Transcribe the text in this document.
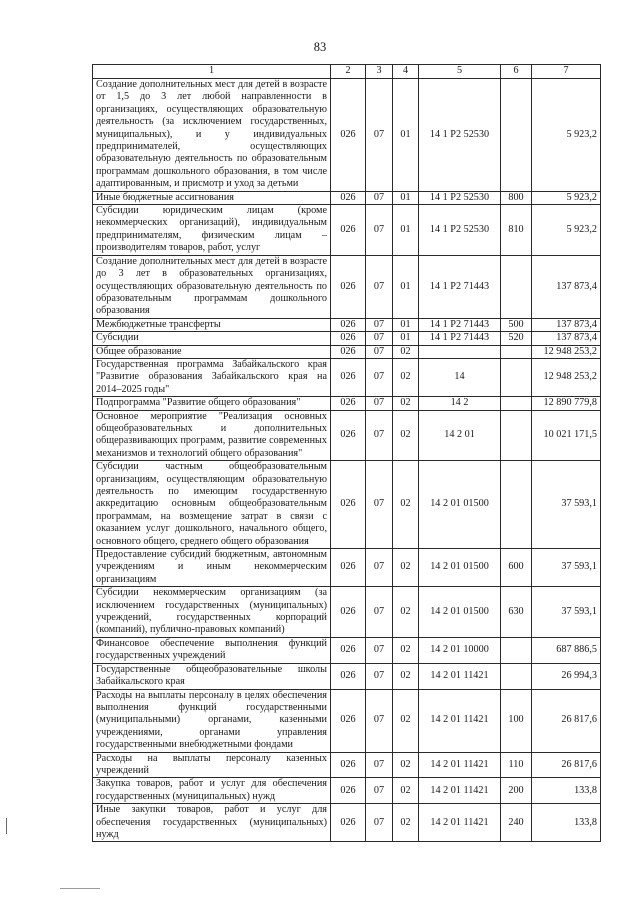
83
1	2	3	4	5	6	7
Создание дополнительных мест для детей в возрасте от 1,5 до 3 лет любой направленности в организациях, осуществляющих образовательную деятельность (за исключением государственных, муниципальных), и у индивидуальных предпринимателей, осуществляющих образовательную деятельность по образовательным программам дошкольного образования, в том числе адаптированным, и присмотр и уход за детьми	026	07	01	14 1 Р2 52530		5 923,2
Иные бюджетные ассигнования	026	07	01	14 1 Р2 52530	800	5 923,2
Субсидии юридическим лицам (кроме некоммерческих организаций), индивидуальным предпринимателям, физическим лицам – производителям товаров, работ, услуг	026	07	01	14 1 Р2 52530	810	5 923,2
Создание дополнительных мест для детей в возрасте до 3 лет в образовательных организациях, осуществляющих образовательную деятельность по образовательным программам дошкольного образования	026	07	01	14 1 Р2 71443		137 873,4
Межбюджетные трансферты	026	07	01	14 1 Р2 71443	500	137 873,4
Субсидии	026	07	01	14 1 Р2 71443	520	137 873,4
Общее образование	026	07	02			12 948 253,2
Государственная программа Забайкальского края "Развитие образования Забайкальского края на 2014–2025 годы"	026	07	02	14		12 948 253,2
Подпрограмма "Развитие общего образования"	026	07	02	14 2		12 890 779,8
Основное мероприятие "Реализация основных общеобразовательных и дополнительных общеразвивающих программ, развитие современных механизмов и технологий общего образования"	026	07	02	14 2 01		10 021 171,5
Субсидии частным общеобразовательным организациям, осуществляющим образовательную деятельность по имеющим государственную аккредитацию основным общеобразовательным программам, на возмещение затрат в связи с оказанием услуг дошкольного, начального общего, основного общего, среднего общего образования	026	07	02	14 2 01 01500		37 593,1
Предоставление субсидий бюджетным, автономным учреждениям и иным некоммерческим организациям	026	07	02	14 2 01 01500	600	37 593,1
Субсидии некоммерческим организациям (за исключением государственных (муниципальных) учреждений, государственных корпораций (компаний), публично-правовых компаний)	026	07	02	14 2 01 01500	630	37 593,1
Финансовое обеспечение выполнения функций государственных учреждений	026	07	02	14 2 01 10000		687 886,5
Государственные общеобразовательные школы Забайкальского края	026	07	02	14 2 01 11421		26 994,3
Расходы на выплаты персоналу в целях обеспечения выполнения функций государственными (муниципальными) органами, казенными учреждениями, органами управления государственными внебюджетными фондами	026	07	02	14 2 01 11421	100	26 817,6
Расходы на выплаты персоналу казенных учреждений	026	07	02	14 2 01 11421	110	26 817,6
Закупка товаров, работ и услуг для обеспечения государственных (муниципальных) нужд	026	07	02	14 2 01 11421	200	133,8
Иные закупки товаров, работ и услуг для обеспечения государственных (муниципальных) нужд	026	07	02	14 2 01 11421	240	133,8
